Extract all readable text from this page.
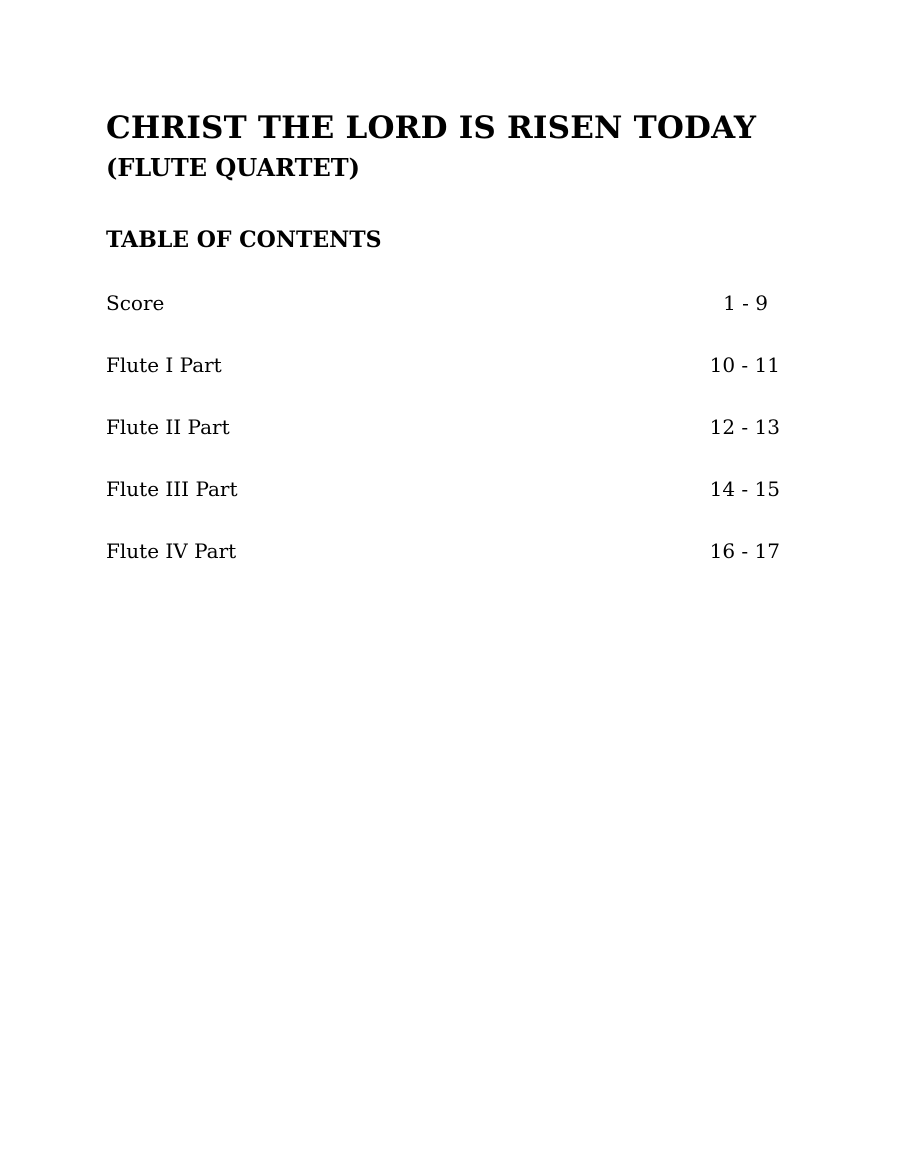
CHRIST THE LORD IS RISEN TODAY
(FLUTE QUARTET)
TABLE OF CONTENTS
Score	1 - 9
Flute I Part	10 - 11
Flute II Part	12 - 13
Flute III Part	14 - 15
Flute IV Part	16 - 17
